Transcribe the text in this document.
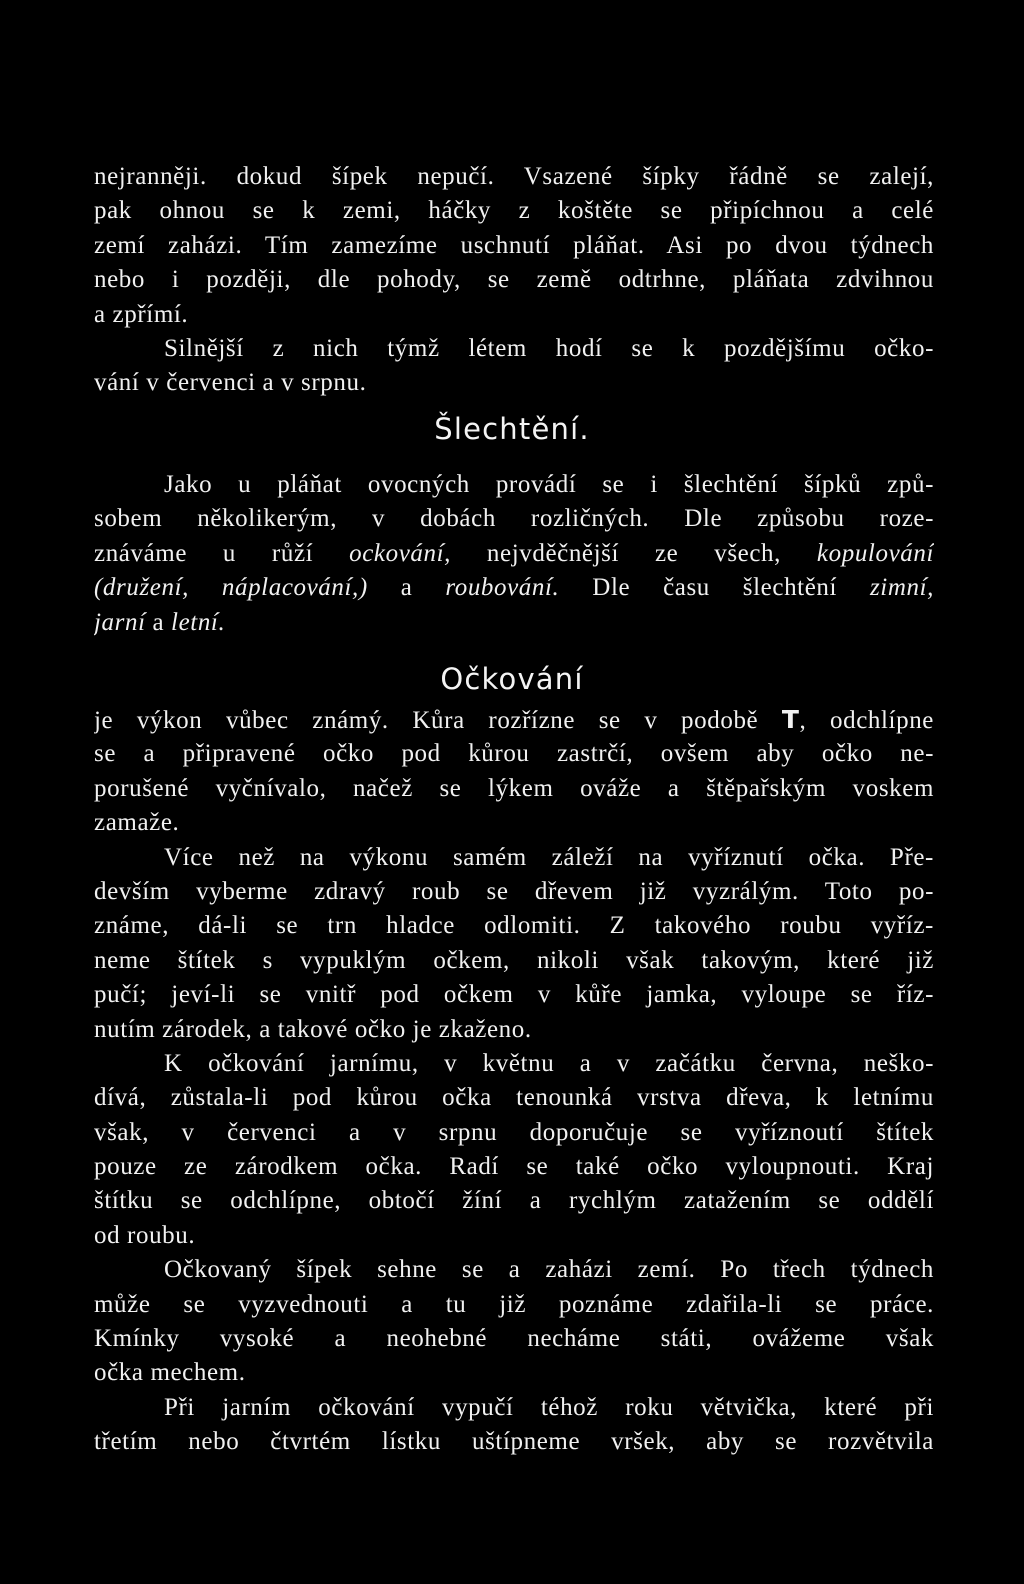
nejranněji. dokud šípek nepučí. Vsazené šípky řádně se zalejí,
pak ohnou se k zemi, háčky z koštěte se připíchnou a celé
zemí zaházi. Tím zamezíme uschnutí pláňat. Asi po dvou týdnech
nebo i později, dle pohody, se země odtrhne, pláňata zdvihnou
a zpřímí.
Silnější z nich týmž létem hodí se k pozdějšímu očko-
vání v červenci a v srpnu.
Šlechtění.
Jako u pláňat ovocných provádí se i šlechtění šípků způ-
sobem několikerým, v dobách rozličných. Dle způsobu roze-
znáváme u růží ockování, nejvděčnější ze všech, kopulování
(družení, náplacování,) a roubování. Dle času šlechtění zimní,
jarní a letní.
Očkování
je výkon vůbec známý. Kůra rozřízne se v podobě T, odchlípne
se a připravené očko pod kůrou zastrčí, ovšem aby očko ne-
porušené vyčnívalo, načež se lýkem ováže a štěpařským voskem
zamaže.
Více než na výkonu samém záleží na vyříznutí očka. Pře-
devším vyberme zdravý roub se dřevem již vyzrálým. Toto po-
známe, dá-li se trn hladce odlomiti. Z takového roubu vyříz-
neme štítek s vypuklým očkem, nikoli však takovým, které již
pučí; jeví-li se vnitř pod očkem v kůře jamka, vyloupe se říz-
nutím zárodek, a takové očko je zkaženo.
K očkování jarnímu, v květnu a v začátku června, neško-
dívá, zůstala-li pod kůrou očka tenounká vrstva dřeva, k letnímu
však, v červenci a v srpnu doporučuje se vyříznoutí štítek
pouze ze zárodkem očka. Radí se také očko vyloupnouti. Kraj
štítku se odchlípne, obtočí žíní a rychlým zatažením se oddělí
od roubu.
Očkovaný šípek sehne se a zaházi zemí. Po třech týdnech
může se vyzvednouti a tu již poznáme zdařila-li se práce.
Kmínky vysoké a neohebné necháme státi, ovážeme však
očka mechem.
Při jarním očkování vypučí téhož roku větvička, které při
třetím nebo čtvrtém lístku uštípneme vršek, aby se rozvětvila
